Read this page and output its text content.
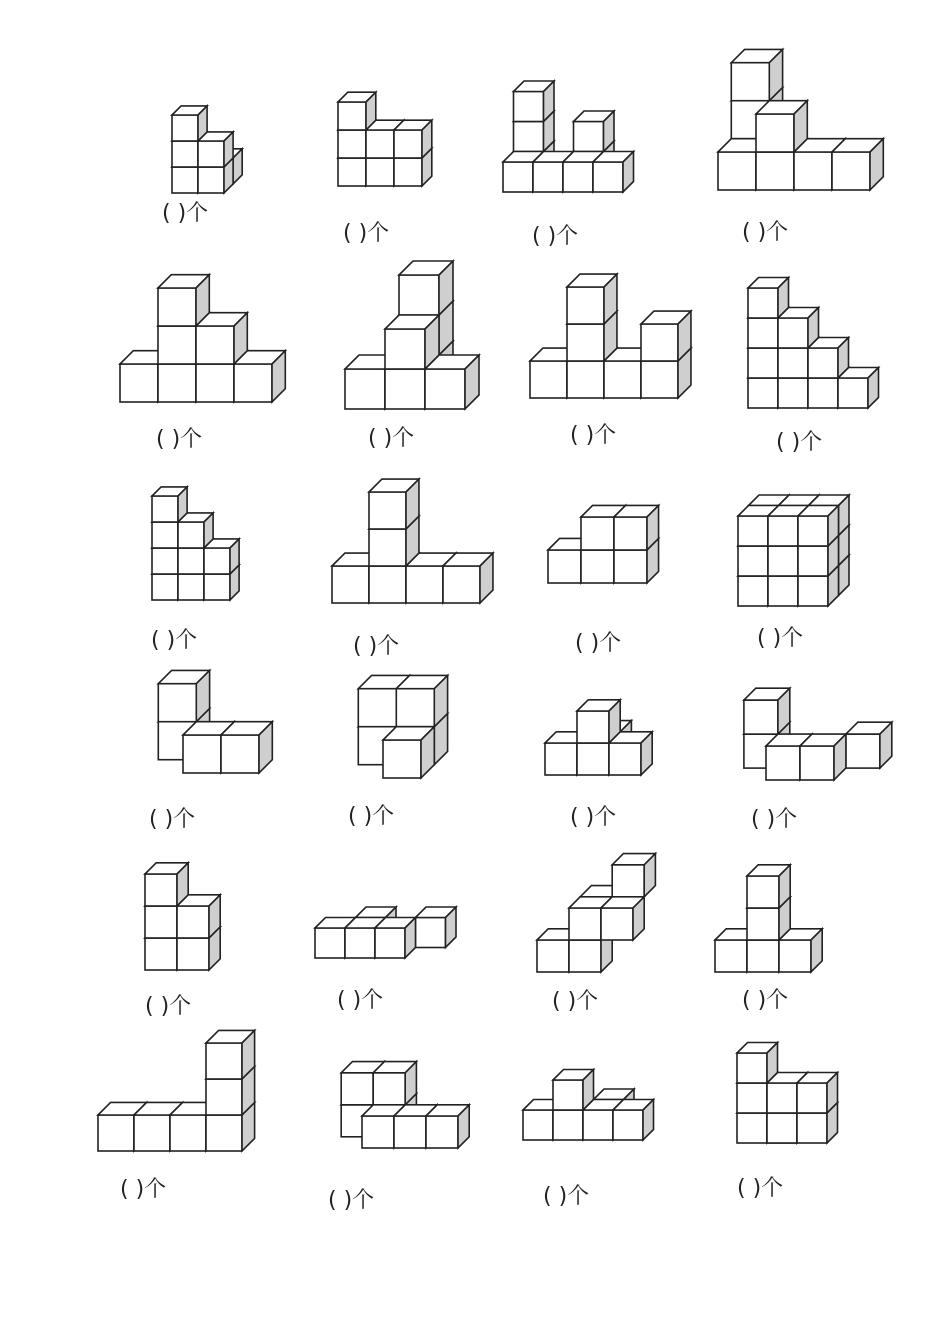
( )个
( )个	( )个	( )个
( )个	( )个	( )个	( )个
( )个	( )个	( )个	( )个
( )个	( )个	( )个	( )个
( )个	( )个	( )个	( )个
( )个	( )个	( )个	( )个
